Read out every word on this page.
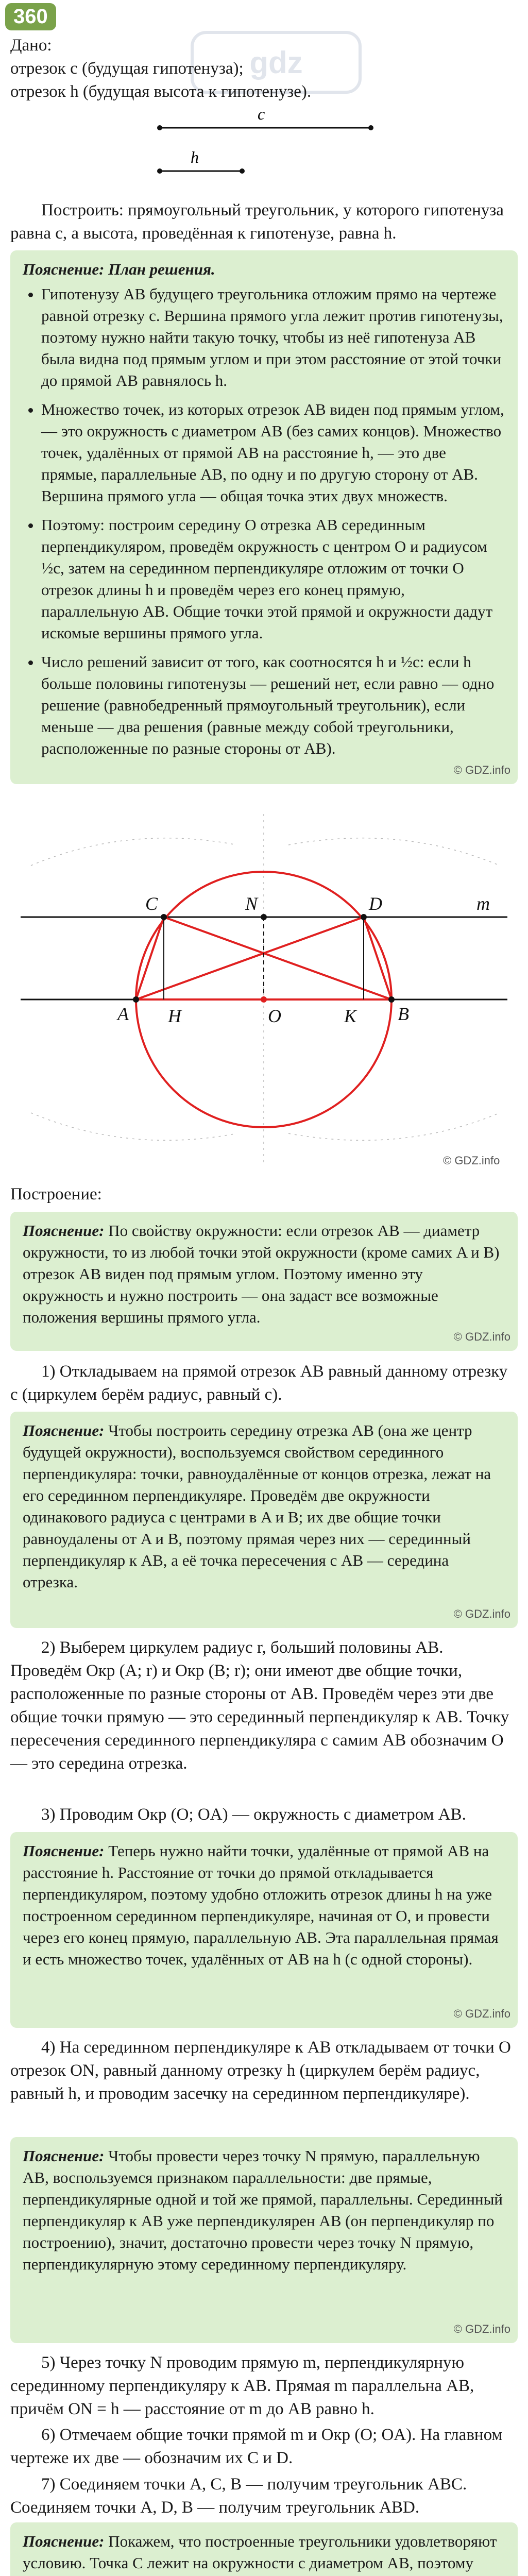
360
gdz

Дано:

отрезок c (будущая гипотенуза);

отрезок h (будущая высота к гипотенузе).

c
h

Построить: прямоугольный треугольник, у которого гипотенуза равна c, а высота, проведённая к гипотенузе, равна h.

Пояснение: План решения.
• Гипотенузу AB будущего треугольника отложим прямо на чертеже равной отрезку c. Вершина прямого угла лежит против гипотенузы, поэтому нужно найти такую точку, чтобы из неё гипотенуза AB была видна под прямым углом и при этом расстояние от этой точки до прямой AB равнялось h.
• Множество точек, из которых отрезок AB виден под прямым углом, — это окружность с диаметром AB (без самих концов). Множество точек, удалённых от прямой AB на расстояние h, — это две прямые, параллельные AB, по одну и по другую сторону от AB. Вершина прямого угла — общая точка этих двух множеств.
• Поэтому: построим середину O отрезка AB серединным перпендикуляром, проведём окружность с центром O и радиусом ½c, затем на серединном перпендикуляре отложим от точки O отрезок длины h и проведём через его конец прямую, параллельную AB. Общие точки этой прямой и окружности дадут искомые вершины прямого угла.
• Число решений зависит от того, как соотносятся h и ½c: если h больше половины гипотенузы — решений нет, если равно — одно решение (равнобедренный прямоугольный треугольник), если меньше — два решения (равные между собой треугольники, расположенные по разные стороны от AB).
© GDZ.info
A	B
C	D
N
O
H	K
m
© GDZ.info

Построение:

Пояснение: По свойству окружности: если отрезок AB — диаметр окружности, то из любой точки этой окружности (кроме самих A и B) отрезок AB виден под прямым углом. Поэтому именно эту окружность и нужно построить — она задаст все возможные положения вершины прямого угла.
© GDZ.info

1) Откладываем на прямой отрезок AB равный данному отрезку c (циркулем берём радиус, равный c).

Пояснение: Чтобы построить середину отрезка AB (она же центр будущей окружности), воспользуемся свойством серединного перпендикуляра: точки, равноудалённые от концов отрезка, лежат на его серединном перпендикуляре. Проведём две окружности одинакового радиуса с центрами в A и B; их две общие точки равноудалены от A и B, поэтому прямая через них — серединный перпендикуляр к AB, а её точка пересечения с AB — середина отрезка.
© GDZ.info

2) Выберем циркулем радиус r, больший половины AB. Проведём Окр (A; r) и Окр (B; r); они имеют две общие точки, расположенные по разные стороны от AB. Проведём через эти две общие точки прямую — это серединный перпендикуляр к AB. Точку пересечения серединного перпендикуляра с самим AB обозначим O — это середина отрезка.

3) Проводим Окр (O; OA) — окружность с диаметром AB.

Пояснение: Теперь нужно найти точки, удалённые от прямой AB на расстояние h. Расстояние от точки до прямой откладывается перпендикуляром, поэтому удобно отложить отрезок длины h на уже построенном серединном перпендикуляре, начиная от O, и провести через его конец прямую, параллельную AB. Эта параллельная прямая и есть множество точек, удалённых от AB на h (с одной стороны).
© GDZ.info

4) На серединном перпендикуляре к AB откладываем от точки O отрезок ON, равный данному отрезку h (циркулем берём радиус, равный h, и проводим засечку на серединном перпендикуляре).

Пояснение: Чтобы провести через точку N прямую, параллельную AB, воспользуемся признаком параллельности: две прямые, перпендикулярные одной и той же прямой, параллельны. Серединный перпендикуляр к AB уже перпендикулярен AB (он перпендикуляр по построению), значит, достаточно провести через точку N прямую, перпендикулярную этому серединному перпендикуляру.
© GDZ.info

5) Через точку N проводим прямую m, перпендикулярную серединному перпендикуляру к AB. Прямая m параллельна AB, причём ON = h — расстояние от m до AB равно h.

6) Отмечаем общие точки прямой m и Окр (O; OA). На главном чертеже их две — обозначим их C и D.

7) Соединяем точки A, C, B — получим треугольник ABC. Соединяем точки A, D, B — получим треугольник ABD.

Пояснение: Покажем, что построенные треугольники удовлетворяют условию. Точка C лежит на окружности с диаметром AB, поэтому
